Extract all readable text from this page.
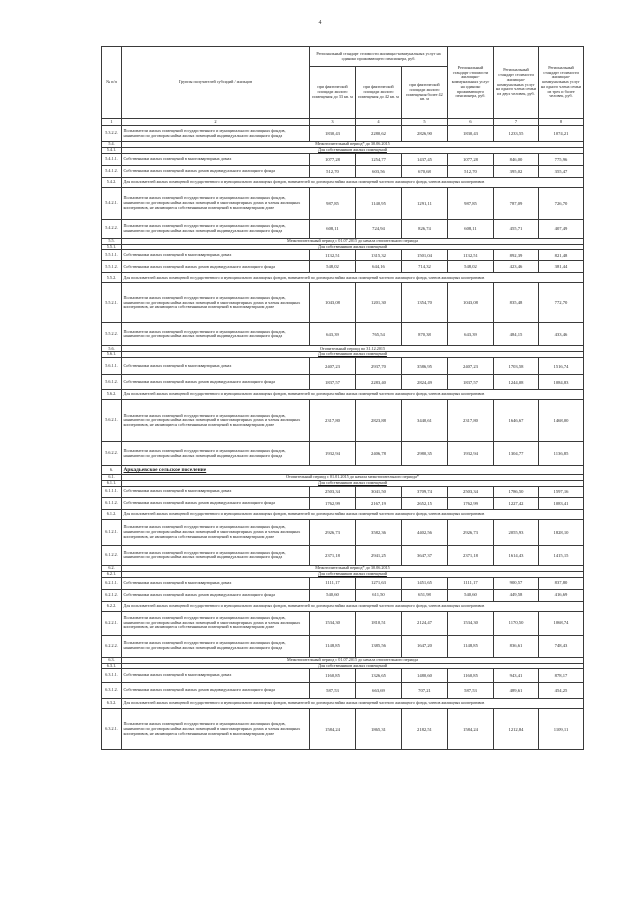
4
№ п/п	Группы получателей субсидий / жильцов	Региональный стандарт стоимости жилищно-коммунальных услуг на одиноко проживающего пенсионера, руб.			Региональный стандарт стоимости жилищно-коммунальных услуг на одиноко проживающего пенсионера, руб.	Региональный стандарт стоимости жилищно-коммунальных услуг на одного члена семьи из двух человек, руб.	Региональный стандарт стоимости жилищно-коммунальных услуг на одного члена семьи из трех и более человек, руб.
		при фактической площади жилого помещения до 33 кв. м	при фактической площади жилого помещения до 42 кв. м	при фактической площади жилого помещения более 42 кв. м			
1	2	3	4	5	6	7	8
5.3.2.2.	Пользователи жилых помещений государственного и муниципального жилищных фондов, наниматели по договорам найма жилых помещений индивидуального жилищного фонда	1830,43	2280,62	2826,90	1830,43	1233,55	1074,21
5.4.	Межотопительный период* до 30.06.2015						
5.4.1.	Для собственников жилых помещений						
5.4.1.1.	Собственники жилых помещений в многоквартирных домах	1077,28	1254,77	1437,45	1077,28	846,00	775,96
5.4.1.2.	Собственники жилых помещений жилых домов индивидуального жилищного фонда	512,70	603,56	670,68	512,70	395,02	355,47
5.4.2.	Для пользователей жилых помещений государственного и муниципального жилищных фондов, нанимателей по договорам найма жилых помещений частного жилищного фонда, членов жилищных кооперативов						
5.4.2.1.	Пользователи жилых помещений государственного и муниципального жилищных фондов, наниматели по договорам найма жилых помещений в многоквартирных домах и члены жилищных кооперативов, не являющиеся собственниками помещений в многоквартирном доме	987,85	1140,95	1291,11	987,85	787,09	726,70
5.4.2.2.	Пользователи жилых помещений государственного и муниципального жилищных фондов, наниматели по договорам найма жилых помещений индивидуального жилищного фонда	608,11	724,94	826,74	608,11	455,71	407,49
5.5.	Межотопительный период с 01.07.2015 до начала отопительного периода						
5.5.1.	Для собственников жилых помещений						
5.5.1.1.	Собственники жилых помещений в многоквартирных домах	1132,51	1315,32	1501,04	1132,51	892,39	821,48
5.5.1.2.	Собственники жилых помещений жилых домов индивидуального жилищного фонда	548,02	644,16	714,32	548,02	423,46	381,44
5.5.2.	Для пользователей жилых помещений государственного и муниципального жилищных фондов, нанимателей по договорам найма жилых помещений частного жилищного фонда, членов жилищных кооперативов						
5.5.2.1.	Пользователи жилых помещений государственного и муниципального жилищных фондов, наниматели по договорам найма жилых помещений в многоквартирных домах и члены жилищных кооперативов, не являющиеся собственниками помещений в многоквартирном доме	1043,08	1201,30	1354,70	1043,08	835,48	772,70
5.5.2.2.	Пользователи жилых помещений государственного и муниципального жилищных фондов, наниматели по договорам найма жилых помещений индивидуального жилищного фонда	643,39	765,54	870,38	643,39	484,15	433,46
5.6.	Отопительный период по 31.12.2015						
5.6.1.	Для собственников жилых помещений						
5.6.1.1.	Собственники жилых помещений в многоквартирных домах	2407,23	2937,70	3586,95	2407,23	1703,58	1516,74
5.6.1.2.	Собственники жилых помещений жилых домов индивидуального жилищного фонда	1837,57	2283,40	2824,49	1837,57	1244,08	1084,83
5.6.2.	Для пользователей жилых помещений государственного и муниципального жилищных фондов, нанимателей по договорам найма жилых помещений частного жилищного фонда, членов жилищных кооперативов						
5.6.2.1.	Пользователи жилых помещений государственного и муниципального жилищных фондов, наниматели по договорам найма жилых помещений в многоквартирных домах и члены жилищных кооперативов, не являющиеся собственниками помещений в многоквартирном доме	2317,80	2823,88	3440,61	2317,80	1646,67	1468,00
5.6.2.2.	Пользователи жилых помещений государственного и муниципального жилищных фондов, наниматели по договорам найма жилых помещений индивидуального жилищного фонда	1932,94	2406,78	2980,35	1932,94	1304,77	1136,85
6.	Аркадьевское сельское поселение						
6.1.	Отопительный период с 01.01.2015 до начала межотопительного периода*						
6.1.1.	Для собственников жилых помещений						
6.1.1.1.	Собственники жилых помещений в многоквартирных домах	2503,34	3041,50	3709,74	2503,34	1786,50	1597,16
6.1.1.2.	Собственники жилых помещений жилых домов индивидуального жилищного фонда	1762,99	2167,19	2652,15	1762,99	1227,42	1083,41
6.1.2.	Для пользователей жилых помещений государственного и муниципального жилищных фондов, нанимателей по договорам найма жилых помещений частного жилищного фонда, членов жилищных кооперативов						
6.1.2.1.	Пользователи жилых помещений государственного и муниципального жилищных фондов, наниматели по договорам найма жилых помещений в многоквартирных домах и члены жилищных кооперативов, не являющиеся собственниками помещений в многоквартирном доме	2926,73	3582,36	4402,56	2926,73	2055,93	1828,10
6.1.2.2.	Пользователи жилых помещений государственного и муниципального жилищных фондов, наниматели по договорам найма жилых помещений индивидуального жилищного фонда	2371,18	2941,25	3647,37	2371,18	1614,43	1415,15
6.2.	Межотопительный период* до 30.06.2015						
6.2.1.	Для собственников жилых помещений						
6.2.1.1.	Собственники жилых помещений в многоквартирных домах	1111,17	1271,63	1451,65	1111,17	900,57	837,80
6.2.1.2.	Собственники жилых помещений жилых домов индивидуального жилищного фонда	540,60	611,50	651,98	540,60	449,58	416,69
6.2.2.	Для пользователей жилых помещений государственного и муниципального жилищных фондов, нанимателей по договорам найма жилых помещений частного жилищного фонда, членов жилищных кооперативов						
6.2.2.1.	Пользователи жилых помещений государственного и муниципального жилищных фондов, наниматели по договорам найма жилых помещений в многоквартирных домах и члены жилищных кооперативов, не являющиеся собственниками помещений в многоквартирном доме	1534,30	1810,51	2124,47	1534,30	1170,50	1068,74
6.2.2.2.	Пользователи жилых помещений государственного и муниципального жилищных фондов, наниматели по договорам найма жилых помещений индивидуального жилищного фонда	1148,85	1385,56	1647,20	1148,85	836,61	748,43
6.3.	Межотопительный период с 01.07.2015 до начала отопительного периода						
6.3.1.	Для собственников жилых помещений						
6.3.1.1.	Собственники жилых помещений в многоквартирных домах	1160,85	1326,65	1480,60	1160,85	943,41	878,17
6.3.1.2.	Собственники жилых помещений жилых домов индивидуального жилищного фонда	587,53	663,69	707,21	587,53	489,61	454,25
6.3.2.	Для пользователей жилых помещений государственного и муниципального жилищных фондов, нанимателей по договорам найма жилых помещений частного жилищного фонда, членов жилищных кооперативов						
6.3.2.1.	Пользователи жилых помещений государственного и муниципального жилищных фондов, наниматели по договорам найма жилых помещений в многоквартирных домах и члены жилищных кооперативов, не являющиеся собственниками помещений в многоквартирном доме	1584,24	1865,31	2182,51	1584,24	1212,84	1109,11
